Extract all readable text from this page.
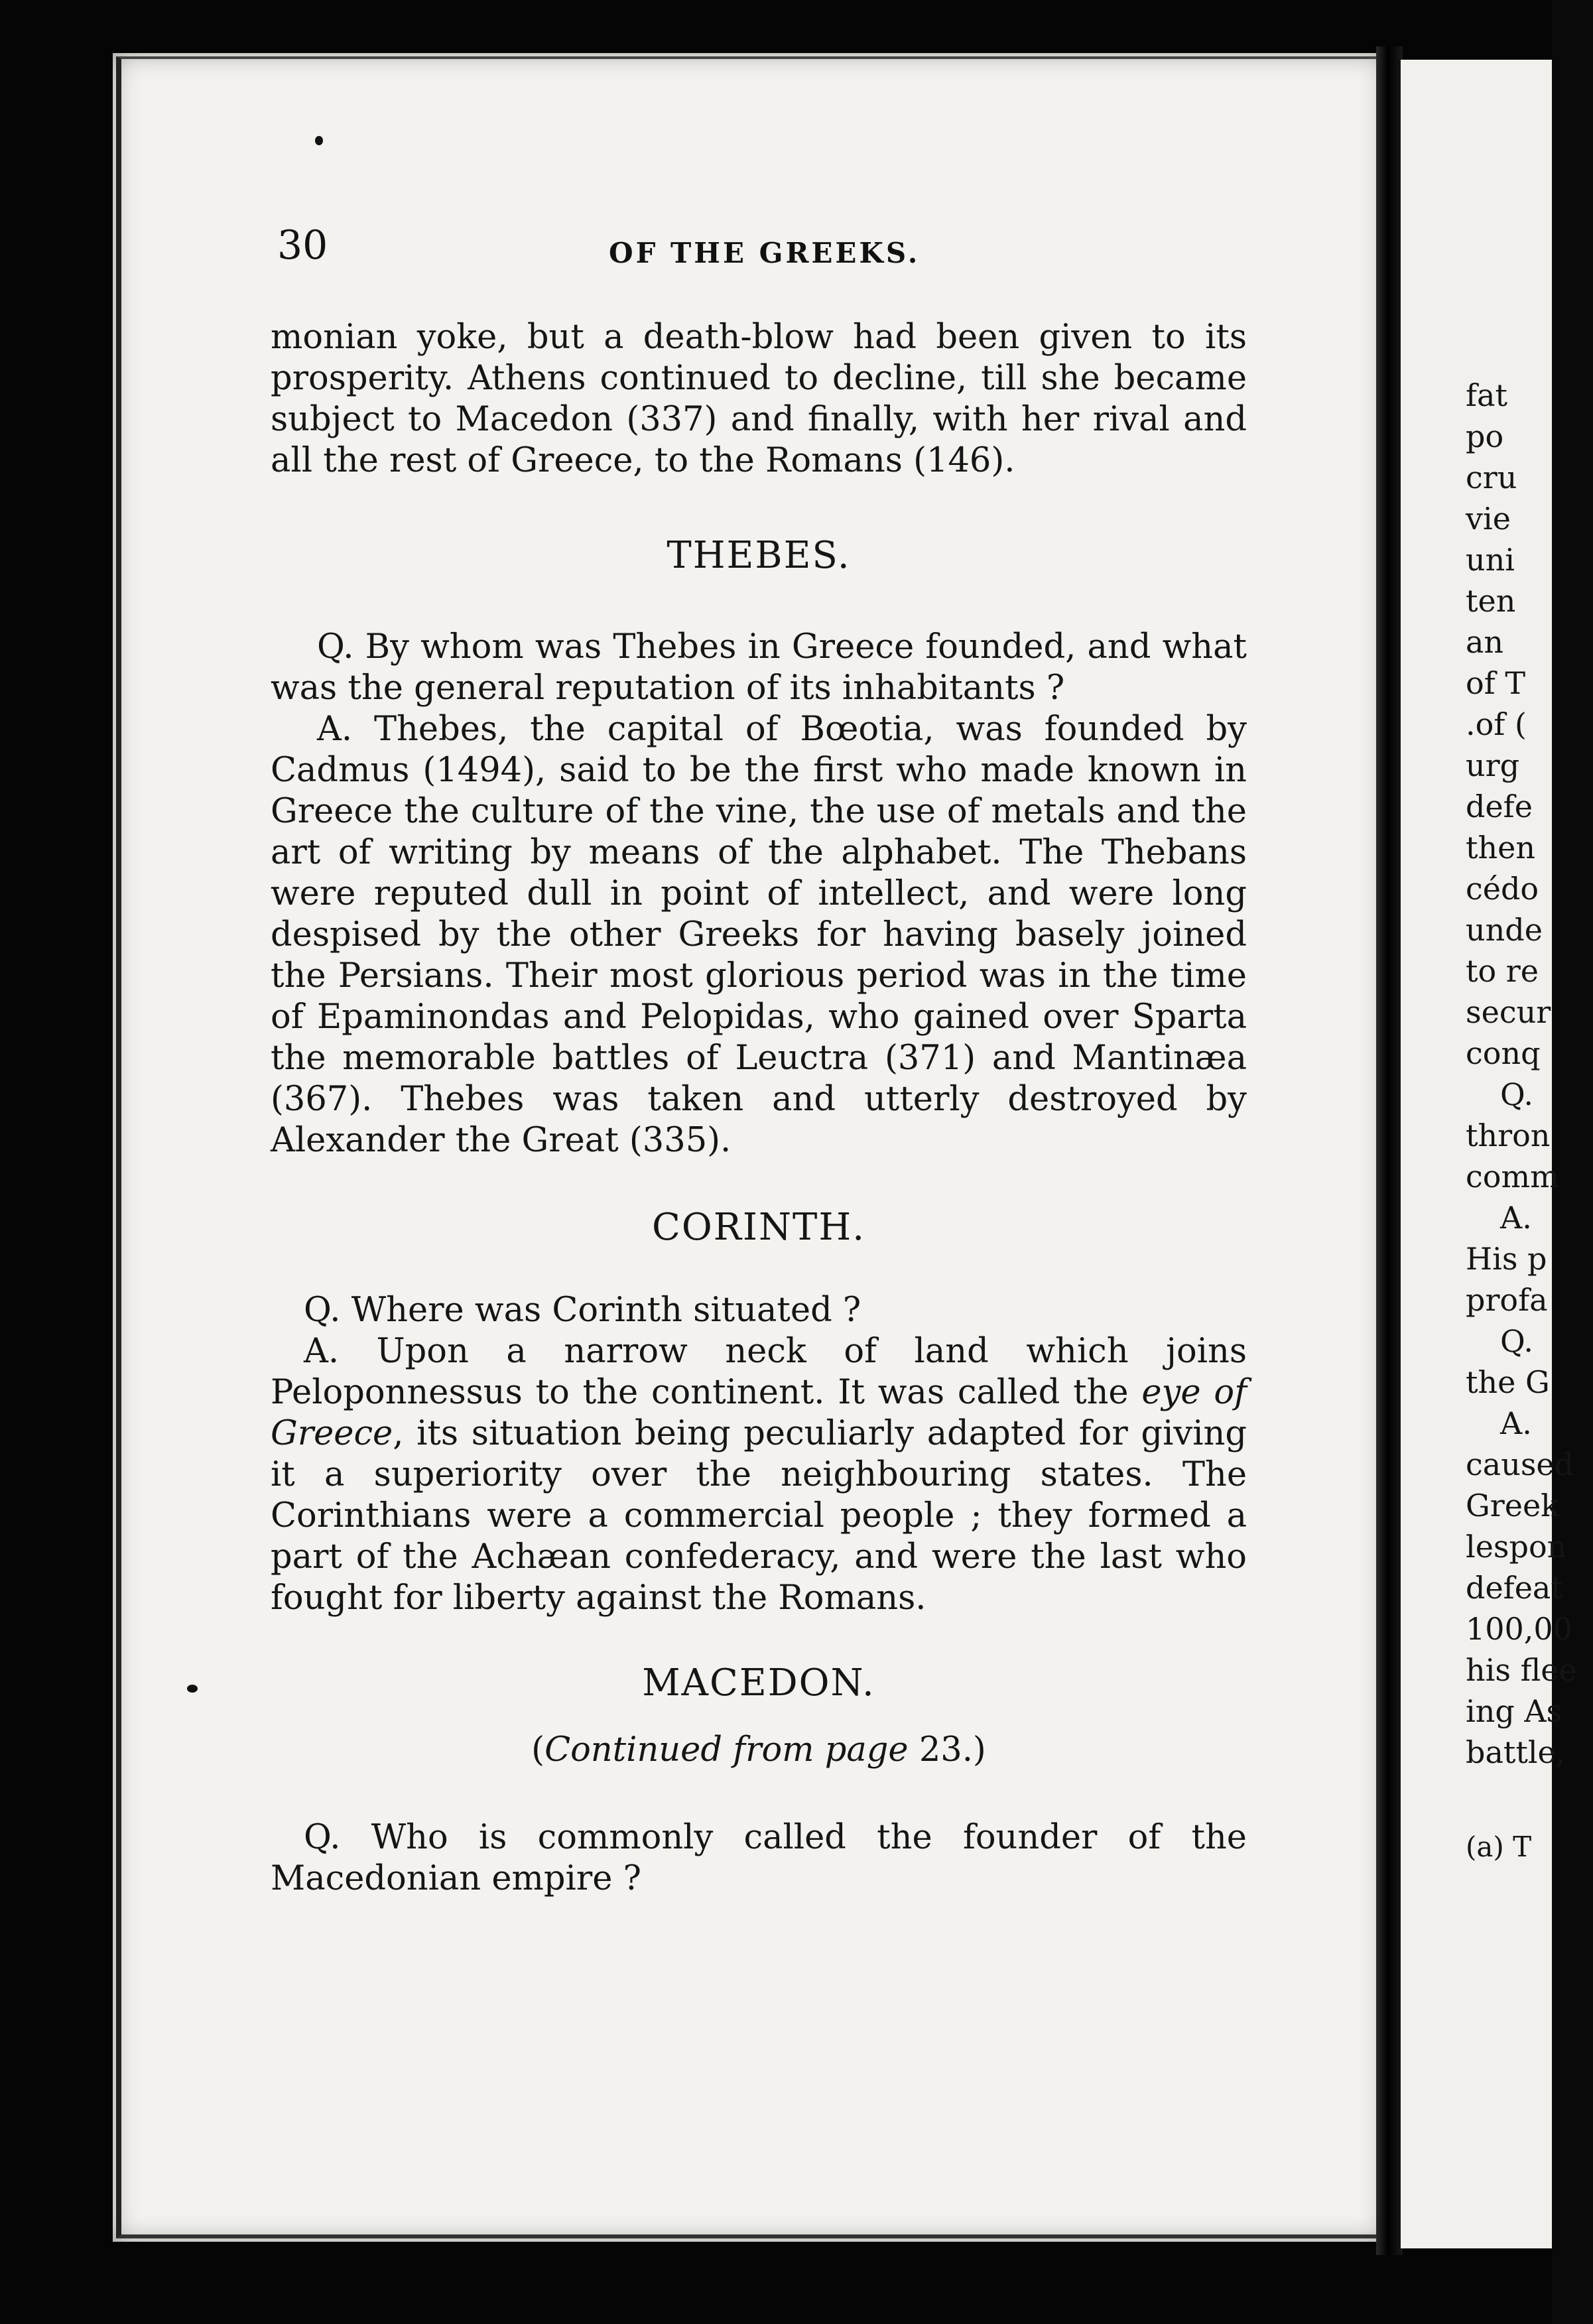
30	OF THE GREEKS.

monian yoke, but a death-blow had been given to its prosperity. Athens continued to decline, till she became subject to Macedon (337) and finally, with her rival and all the rest of Greece, to the Romans (146).

THEBES.

Q. By whom was Thebes in Greece founded, and what was the general reputation of its inhabitants ?

A. Thebes, the capital of Bœotia, was founded by Cadmus (1494), said to be the first who made known in Greece the culture of the vine, the use of metals and the art of writing by means of the alphabet. The Thebans were reputed dull in point of intellect, and were long despised by the other Greeks for having basely joined the Persians. Their most glorious period was in the time of Epaminondas and Pelopidas, who gained over Sparta the memorable battles of Leuctra (371) and Mantinæa (367). Thebes was taken and utterly destroyed by Alexander the Great (335).

CORINTH.

Q. Where was Corinth situated ?

A. Upon a narrow neck of land which joins Peloponnessus to the continent. It was called the eye of Greece, its situation being peculiarly adapted for giving it a superiority over the neighbouring states. The Corinthians were a commercial people ; they formed a part of the Achæan confederacy, and were the last who fought for liberty against the Romans.

MACEDON.

(Continued from page 23.)

Q. Who is commonly called the founder of the Macedonian empire ?

fat
po
cru
vie
uni
ten
an
of T
.of (
urg
defe
then
cédo
unde
to re
secur
conq
Q.
thron
comm
A.
His p
profa
Q.
the G
A.
caused
Greek
lespon
defeat
100,00
his flee
ing As
battle,
(a) T
